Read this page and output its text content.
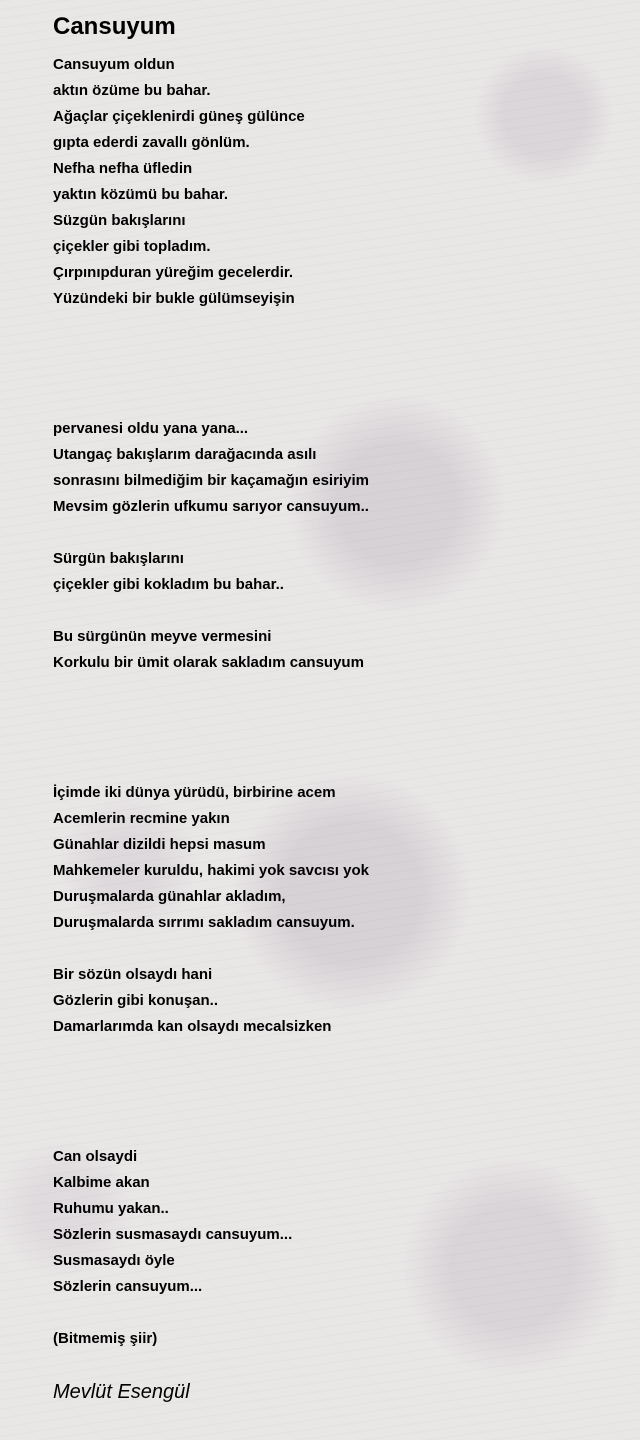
Cansuyum
Cansuyum oldun
aktın özüme bu bahar.
Ağaçlar çiçeklenirdi güneş gülünce
gıpta ederdi zavallı gönlüm.
Nefha nefha üfledin
yaktın közümü bu bahar.
Süzgün bakışlarını
çiçekler gibi topladım.
Çırpınıpduran yüreğim gecelerdir.
Yüzündeki bir bukle gülümseyişin
pervanesi oldu yana yana...
Utangaç bakışlarım darağacında asılı
sonrasını bilmediğim bir kaçamağın esiriyim
Mevsim gözlerin ufkumu sarıyor cansuyum..
Sürgün bakışlarını
çiçekler gibi kokladım bu bahar..
Bu sürgünün meyve vermesini
Korkulu bir ümit olarak sakladım cansuyum
İçimde iki dünya yürüdü, birbirine acem
Acemlerin recmine yakın
Günahlar dizildi hepsi masum
Mahkemeler kuruldu, hakimi yok savcısı yok
Duruşmalarda günahlar akladım,
Duruşmalarda sırrımı sakladım cansuyum.
Bir sözün olsaydı hani
Gözlerin gibi konuşan..
Damarlarımda kan olsaydı mecalsizken
Can olsaydi
Kalbime akan
Ruhumu yakan..
Sözlerin susmasaydı cansuyum...
Susmasaydı öyle
Sözlerin cansuyum...
(Bitmemiş şiir)
Mevlüt Esengül
